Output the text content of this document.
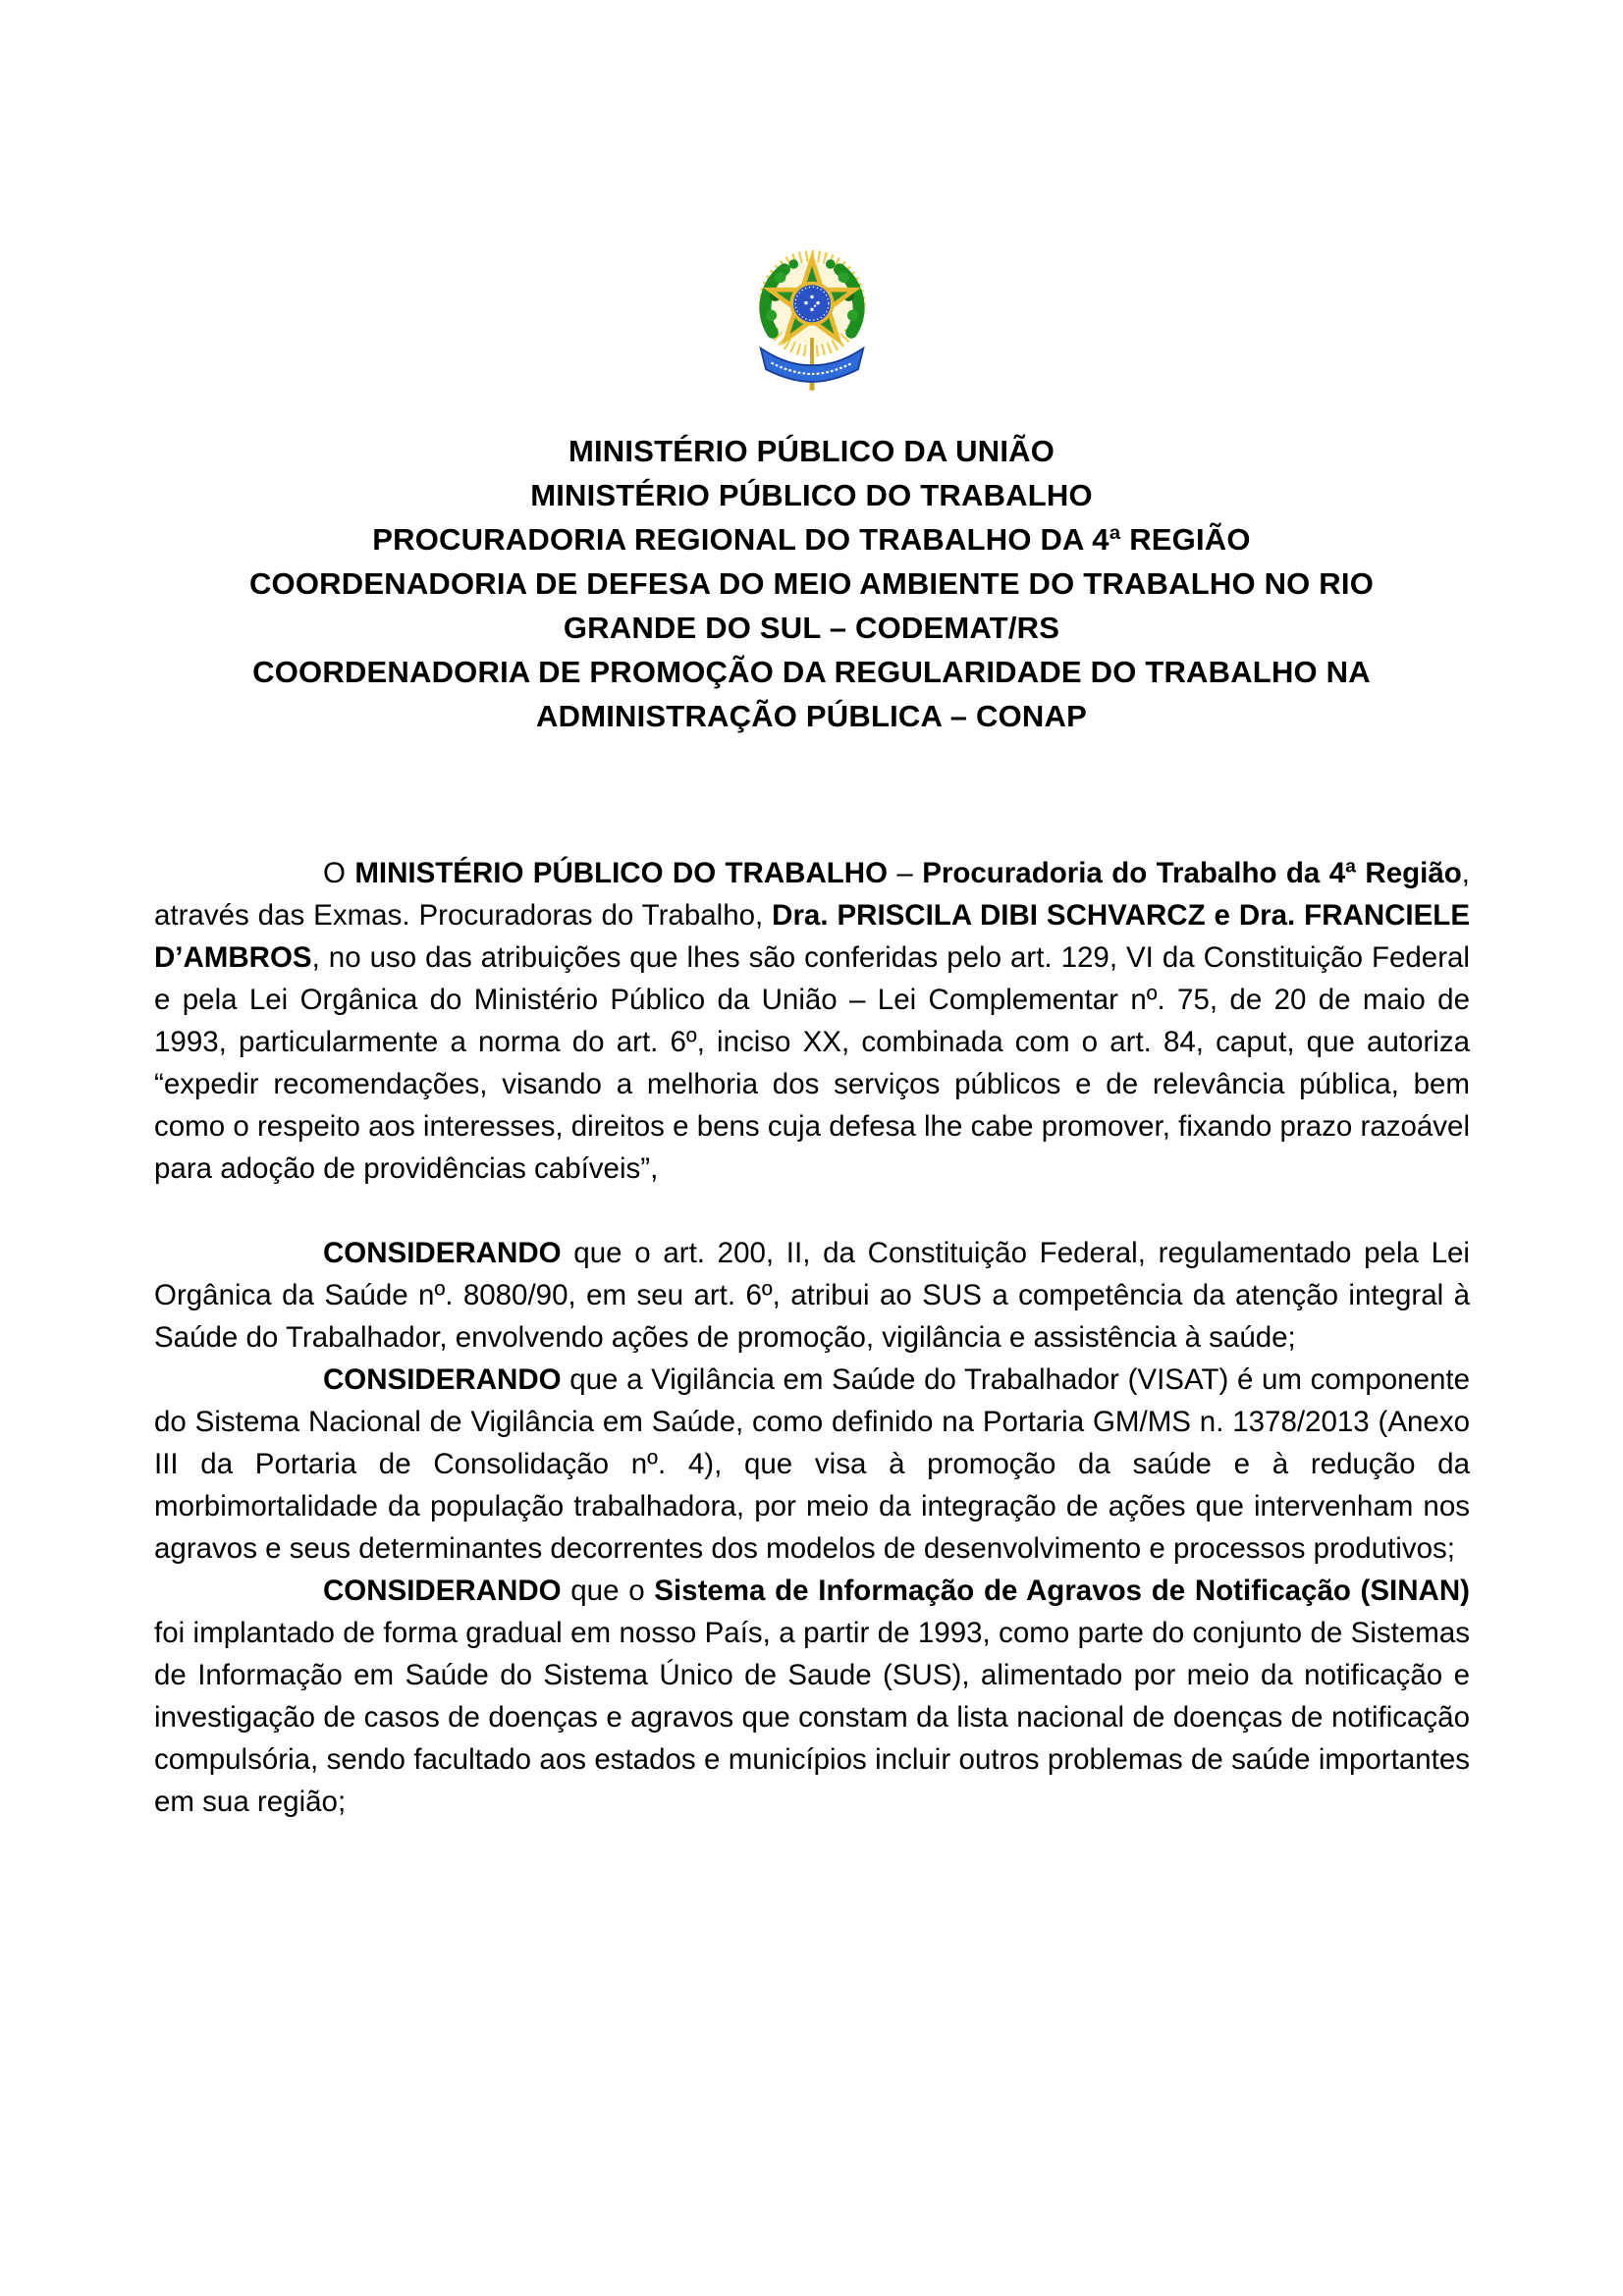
MINISTÉRIO PÚBLICO DA UNIÃO
MINISTÉRIO PÚBLICO DO TRABALHO
PROCURADORIA REGIONAL DO TRABALHO DA 4ª REGIÃO
COORDENADORIA DE DEFESA DO MEIO AMBIENTE DO TRABALHO NO RIO
GRANDE DO SUL – CODEMAT/RS
COORDENADORIA DE PROMOÇÃO DA REGULARIDADE DO TRABALHO NA
ADMINISTRAÇÃO PÚBLICA – CONAP

O MINISTÉRIO PÚBLICO DO TRABALHO – Procuradoria do Trabalho da 4ª Região, através das Exmas. Procuradoras do Trabalho, Dra. PRISCILA DIBI SCHVARCZ e Dra. FRANCIELE D’AMBROS, no uso das atribuições que lhes são conferidas pelo art. 129, VI da Constituição Federal e pela Lei Orgânica do Ministério Público da União – Lei Complementar nº. 75, de 20 de maio de 1993, particularmente a norma do art. 6º, inciso XX, combinada com o art. 84, caput, que autoriza “expedir recomendações, visando a melhoria dos serviços públicos e de relevância pública, bem como o respeito aos interesses, direitos e bens cuja defesa lhe cabe promover, fixando prazo razoável para adoção de providências cabíveis”,

CONSIDERANDO que o art. 200, II, da Constituição Federal, regulamentado pela Lei Orgânica da Saúde nº. 8080/90, em seu art. 6º, atribui ao SUS a competência da atenção integral à Saúde do Trabalhador, envolvendo ações de promoção, vigilância e assistência à saúde;

CONSIDERANDO que a Vigilância em Saúde do Trabalhador (VISAT) é um componente do Sistema Nacional de Vigilância em Saúde, como definido na Portaria GM/MS n. 1378/2013 (Anexo III da Portaria de Consolidação nº. 4), que visa à promoção da saúde e à redução da morbimortalidade da população trabalhadora, por meio da integração de ações que intervenham nos agravos e seus determinantes decorrentes dos modelos de desenvolvimento e processos produtivos;

CONSIDERANDO que o Sistema de Informação de Agravos de Notificação (SINAN) foi implantado de forma gradual em nosso País, a partir de 1993, como parte do conjunto de Sistemas de Informação em Saúde do Sistema Único de Saude (SUS), alimentado por meio da notificação e investigação de casos de doenças e agravos que constam da lista nacional de doenças de notificação compulsória, sendo facultado aos estados e municípios incluir outros problemas de saúde importantes em sua região;
